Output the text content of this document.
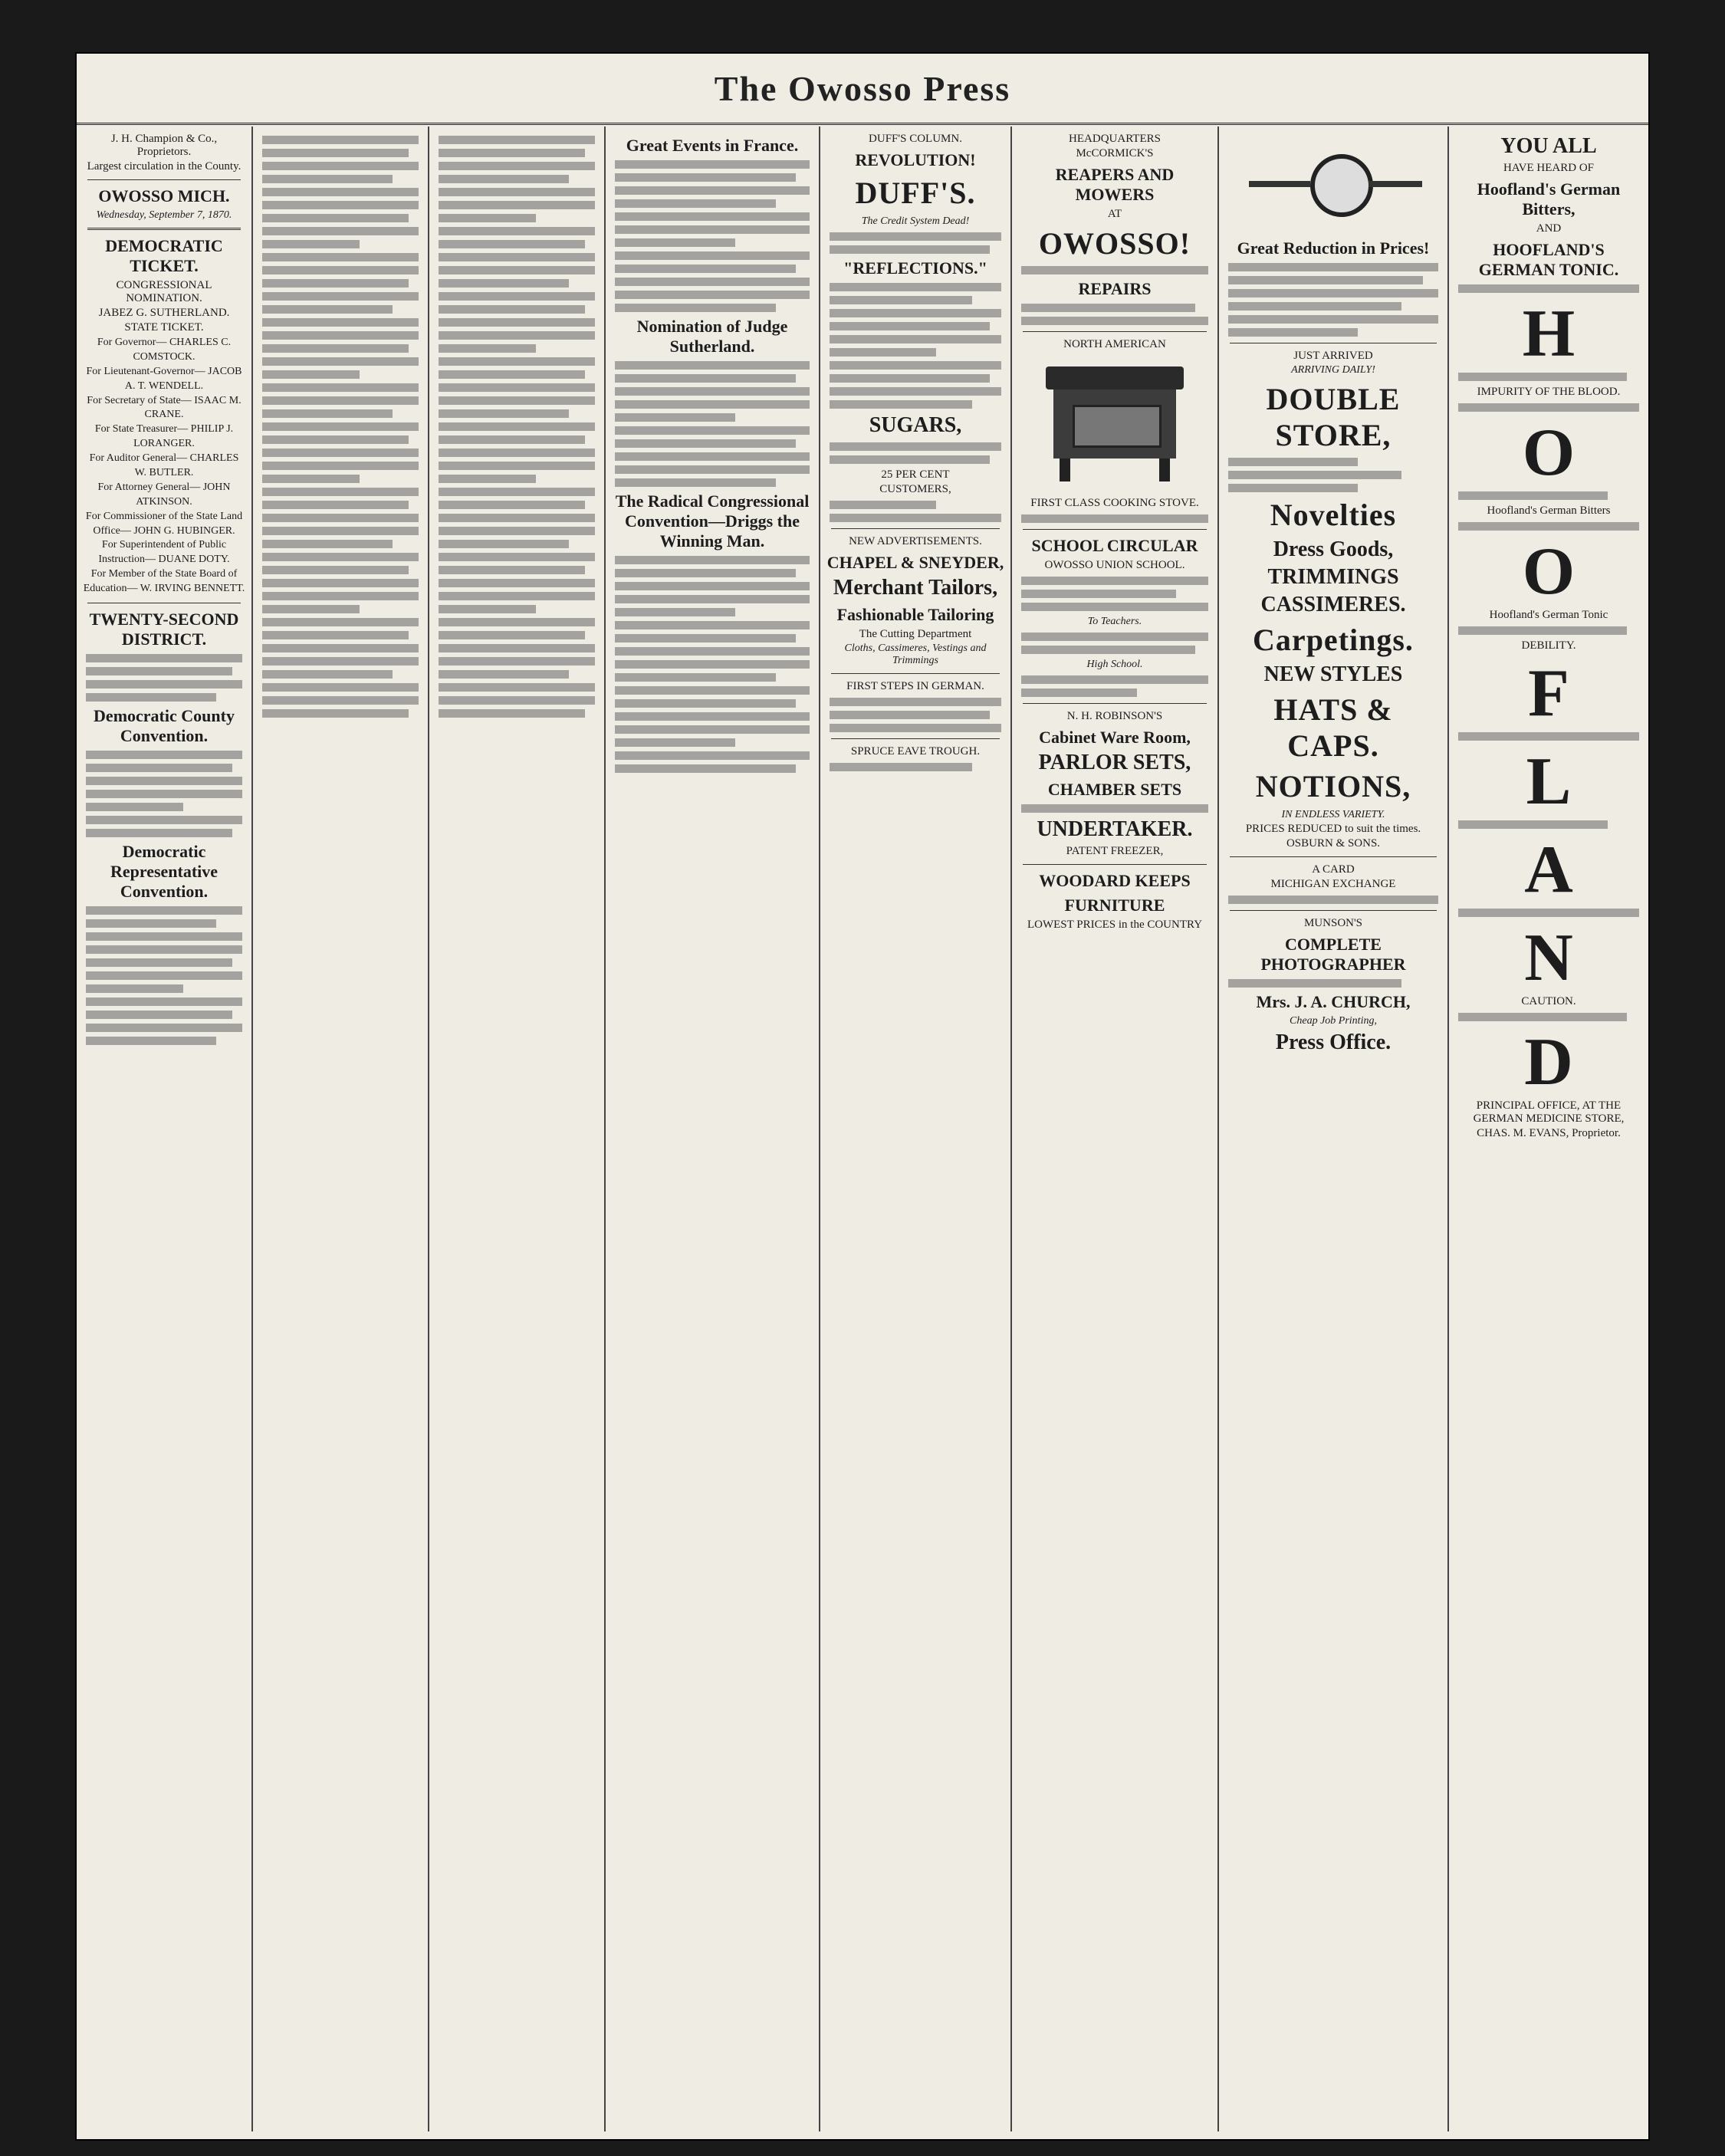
The Owosso Press
J. H. Champion & Co., Proprietors.
Largest circulation in the County.
OWOSSO MICH.
Wednesday, September 7, 1870.
DEMOCRATIC TICKET.
CONGRESSIONAL NOMINATION.
JABEZ G. SUTHERLAND.
STATE TICKET.
For Governor— CHARLES C. COMSTOCK.
For Lieutenant-Governor— JACOB A. T. WENDELL.
For Secretary of State— ISAAC M. CRANE.
For State Treasurer— PHILIP J. LORANGER.
For Auditor General— CHARLES W. BUTLER.
For Attorney General— JOHN ATKINSON.
For Commissioner of the State Land Office— JOHN G. HUBINGER.
For Superintendent of Public Instruction— DUANE DOTY.
For Member of the State Board of Education— W. IRVING BENNETT.
TWENTY-SECOND DISTRICT.
Democratic County Convention.
Democratic Representative Convention.
Great Events in France.
Nomination of Judge Sutherland.
The Radical Congressional Convention—Driggs the Winning Man.
DUFF'S COLUMN.
REVOLUTION!
DUFF'S.
The Credit System Dead!
"REFLECTIONS."
SUGARS,
25 PER CENT
CUSTOMERS,
NEW ADVERTISEMENTS.
CHAPEL & SNEYDER,
Merchant Tailors,
Fashionable Tailoring
The Cutting Department
Cloths, Cassimeres, Vestings and Trimmings
FIRST STEPS IN GERMAN.
SPRUCE EAVE TROUGH.
HEADQUARTERS
McCORMICK'S
REAPERS AND MOWERS
AT
OWOSSO!
REPAIRS
NORTH AMERICAN
FIRST CLASS COOKING STOVE.
SCHOOL CIRCULAR
OWOSSO UNION SCHOOL.
To Teachers.
High School.
N. H. ROBINSON'S
Cabinet Ware Room,
PARLOR SETS,
CHAMBER SETS
UNDERTAKER.
PATENT FREEZER,
WOODARD KEEPS
FURNITURE
LOWEST PRICES in the COUNTRY
Great Reduction in Prices!
JUST ARRIVED
ARRIVING DAILY!
DOUBLE STORE,
Novelties
Dress Goods,
TRIMMINGS
CASSIMERES.
Carpetings.
NEW STYLES
HATS & CAPS.
NOTIONS,
IN ENDLESS VARIETY.
PRICES REDUCED to suit the times.
OSBURN & SONS.
A CARD
MICHIGAN EXCHANGE
MUNSON'S
COMPLETE PHOTOGRAPHER
Mrs. J. A. CHURCH,
Cheap Job Printing,
Press Office.
YOU ALL
HAVE HEARD OF
Hoofland's German Bitters,
AND
HOOFLAND'S GERMAN TONIC.
H
IMPURITY OF THE BLOOD.
O
Hoofland's German Bitters
O
Hoofland's German Tonic
DEBILITY.
F
L
A
N
CAUTION.
D
PRINCIPAL OFFICE, AT THE GERMAN MEDICINE STORE,
CHAS. M. EVANS, Proprietor.
